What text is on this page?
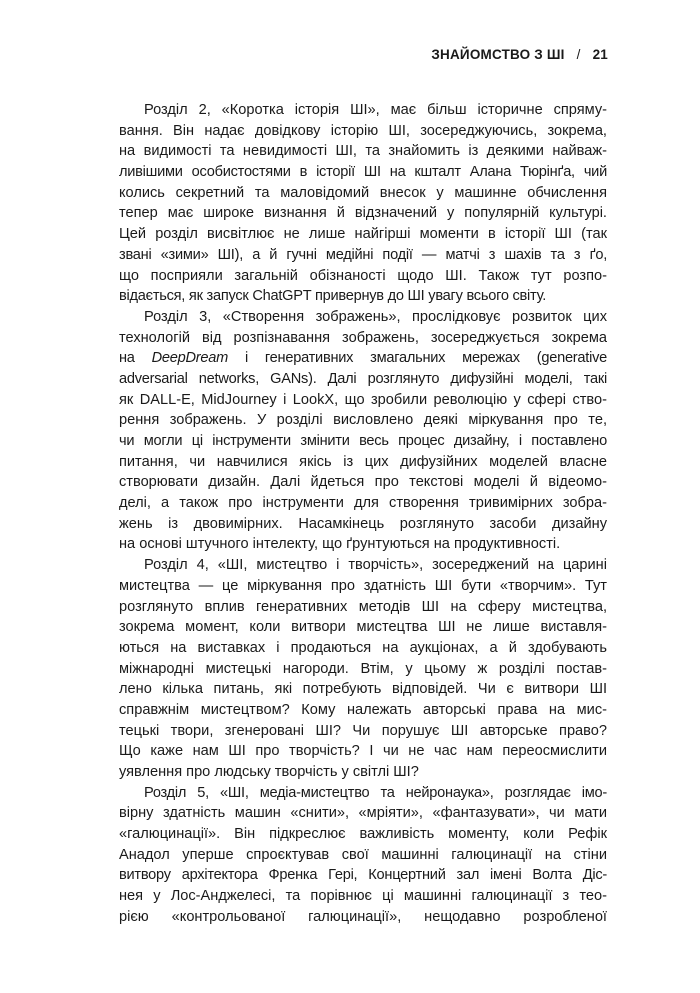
ЗНАЙОМСТВО З ШІ / 21
Розділ 2, «Коротка історія ШІ», має більш історичне спряму-
вання. Він надає довідкову історію ШІ, зосереджуючись, зокрема,
на видимості та невидимості ШІ, та знайомить із деякими найваж-
ливішими особистостями в історії ШІ на кшталт Алана Тюрінґа, чий
колись секретний та маловідомий внесок у машинне обчислення
тепер має широке визнання й відзначений у популярній культурі.
Цей розділ висвітлює не лише найгірші моменти в історії ШІ (так
звані «зими» ШІ), а й гучні медійні події — матчі з шахів та з ґо,
що посприяли загальній обізнаності щодо ШІ. Також тут розпо-
відається, як запуск ChatGPT привернув до ШІ увагу всього світу.
Розділ 3, «Створення зображень», прослідковує розвиток цих
технологій від розпізнавання зображень, зосереджується зокрема
на DeepDream і генеративних змагальних мережах (generative
adversarial networks, GANs). Далі розглянуто дифузійні моделі, такі
як DALL-E, MidJourney і LookX, що зробили революцію у сфері ство-
рення зображень. У розділі висловлено деякі міркування про те,
чи могли ці інструменти змінити весь процес дизайну, і поставлено
питання, чи навчилися якісь із цих дифузійних моделей власне
створювати дизайн. Далі йдеться про текстові моделі й відеомо-
делі, а також про інструменти для створення тривимірних зобра-
жень із двовимірних. Насамкінець розглянуто засоби дизайну
на основі штучного інтелекту, що ґрунтуються на продуктивності.
Розділ 4, «ШІ, мистецтво і творчість», зосереджений на царині
мистецтва — це міркування про здатність ШІ бути «творчим». Тут
розглянуто вплив генеративних методів ШІ на сферу мистецтва,
зокрема момент, коли витвори мистецтва ШІ не лише виставля-
ються на виставках і продаються на аукціонах, а й здобувають
міжнародні мистецькі нагороди. Втім, у цьому ж розділі постав-
лено кілька питань, які потребують відповідей. Чи є витвори ШІ
справжнім мистецтвом? Кому належать авторські права на мис-
тецькі твори, згенеровані ШІ? Чи порушує ШІ авторське право?
Що каже нам ШІ про творчість? І чи не час нам переосмислити
уявлення про людську творчість у світлі ШІ?
Розділ 5, «ШІ, медіа-мистецтво та нейронаука», розглядає імо-
вірну здатність машин «снити», «мріяти», «фантазувати», чи мати
«галюцинації». Він підкреслює важливість моменту, коли Рефік
Анадол уперше спроєктував свої машинні галюцинації на стіни
витвору архітектора Френка Гері, Концертний зал імені Волта Діс-
нея у Лос-Анджелесі, та порівнює ці машинні галюцинації з тео-
рією «контрольованої галюцинації», нещодавно розробленої
